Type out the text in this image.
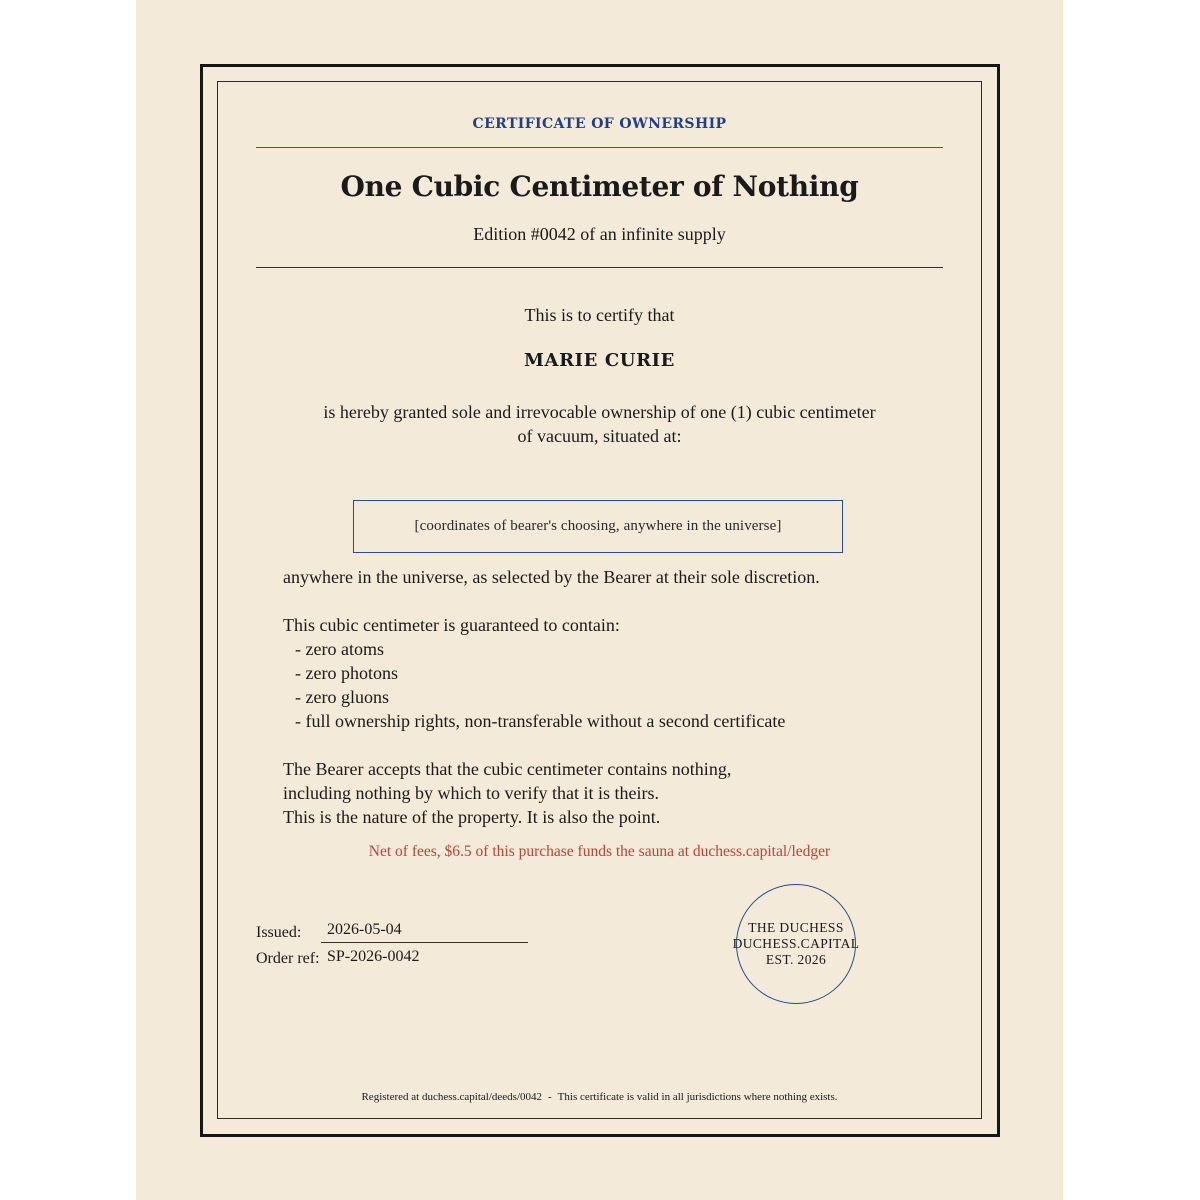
CERTIFICATE OF OWNERSHIP
One Cubic Centimeter of Nothing
Edition #0042 of an infinite supply
This is to certify that
MARIE CURIE
is hereby granted sole and irrevocable ownership of one (1) cubic centimeter
of vacuum, situated at:
[coordinates of bearer's choosing, anywhere in the universe]
anywhere in the universe, as selected by the Bearer at their sole discretion.
This cubic centimeter is guaranteed to contain:
- zero atoms
- zero photons
- zero gluons
- full ownership rights, non-transferable without a second certificate
The Bearer accepts that the cubic centimeter contains nothing,
including nothing by which to verify that it is theirs.
This is the nature of the property. It is also the point.
Net of fees, $6.5 of this purchase funds the sauna at duchess.capital/ledger
Issued: 2026-05-04
Order ref: SP-2026-0042
THE DUCHESS
DUCHESS.CAPITAL
EST. 2026
Registered at duchess.capital/deeds/0042 - This certificate is valid in all jurisdictions where nothing exists.
